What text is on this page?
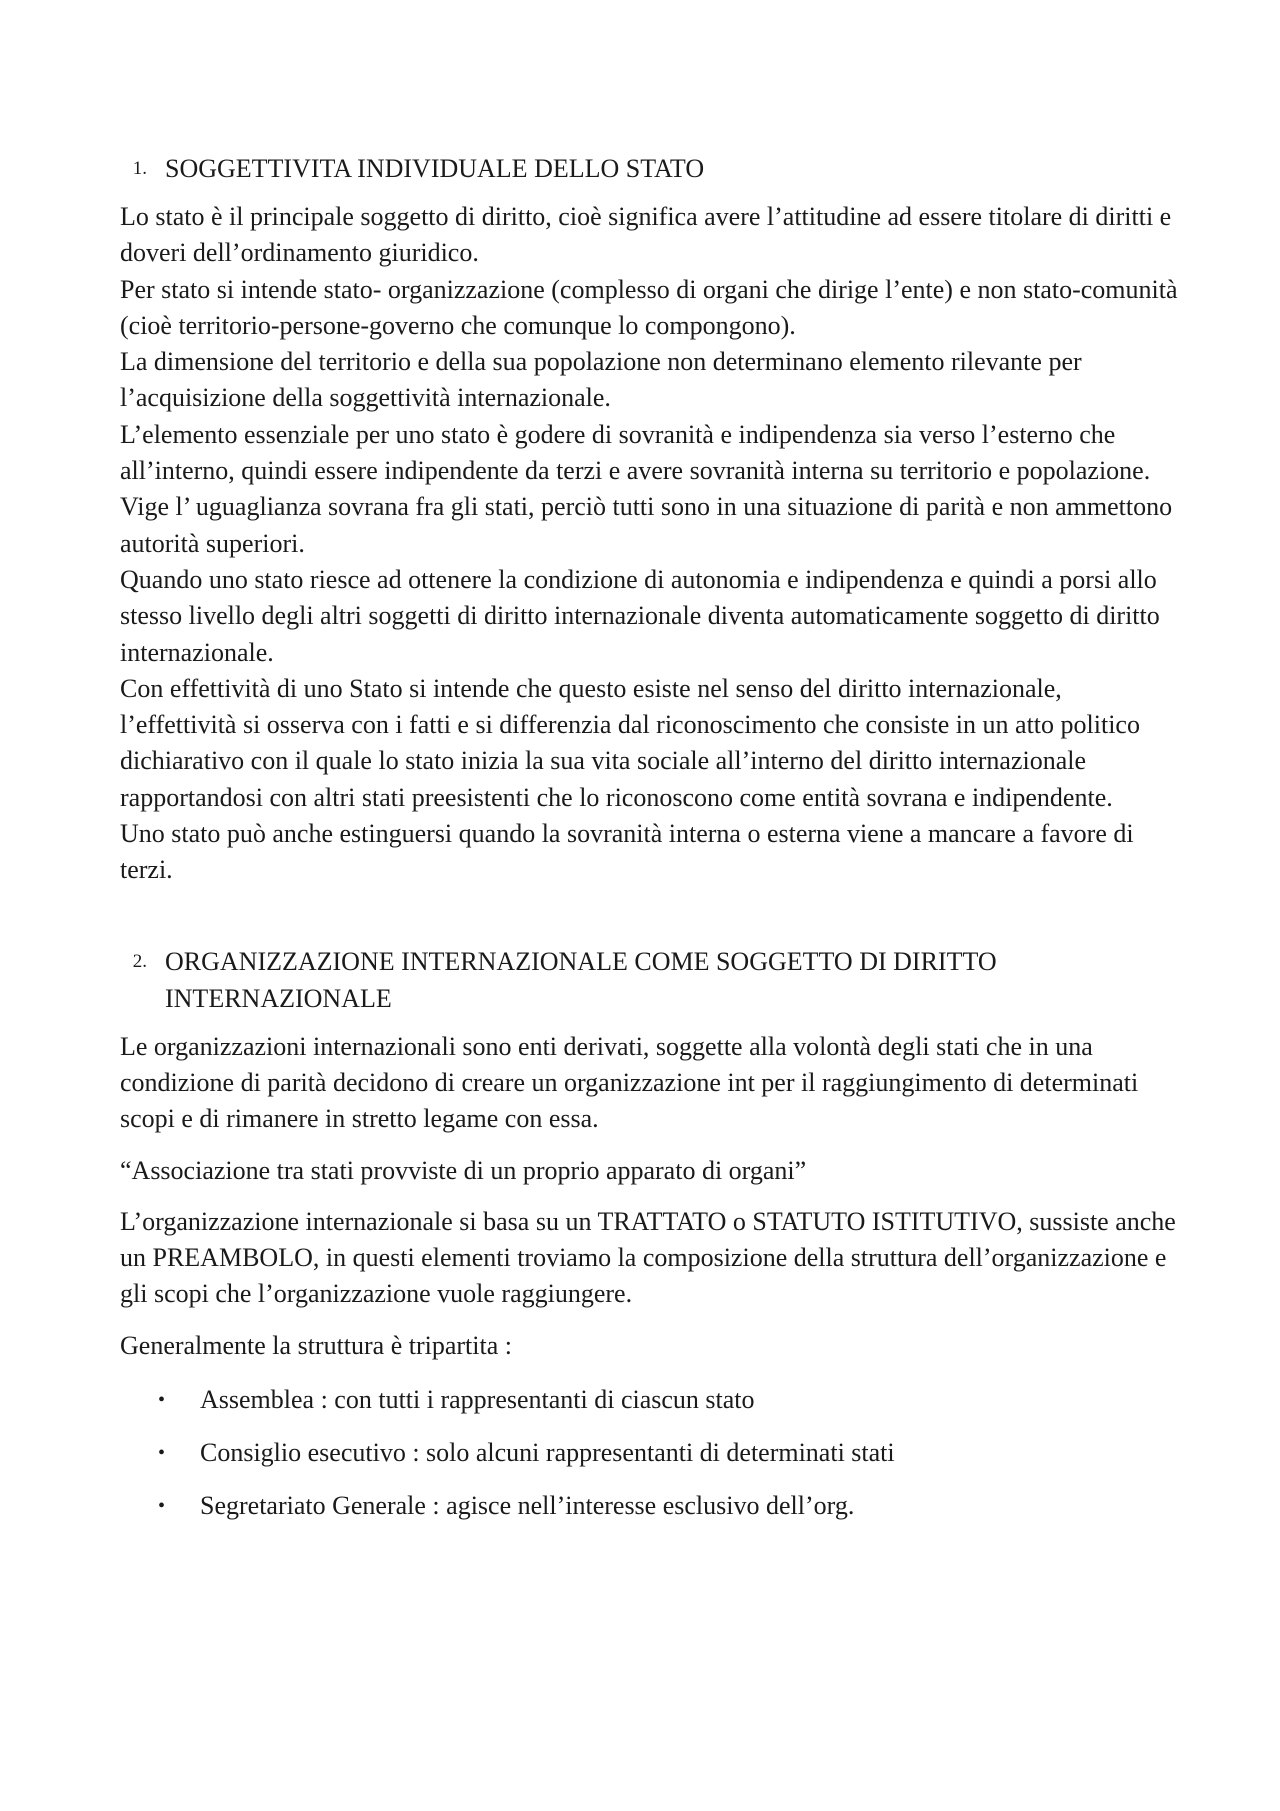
1. SOGGETTIVITA INDIVIDUALE DELLO STATO

Lo stato è il principale soggetto di diritto, cioè significa avere l’attitudine ad essere titolare di diritti e doveri dell’ordinamento giuridico.

Per stato si intende stato- organizzazione (complesso di organi che dirige l’ente) e non stato-comunità (cioè territorio-persone-governo che comunque lo compongono).

La dimensione del territorio e della sua popolazione non determinano elemento rilevante per l’acquisizione della soggettività internazionale.

L’elemento essenziale per uno stato è godere di sovranità e indipendenza sia verso l’esterno che all’interno, quindi essere indipendente da terzi e avere sovranità interna su territorio e popolazione.

Vige l’ uguaglianza sovrana fra gli stati, perciò tutti sono in una situazione di parità e non ammettono autorità superiori.

Quando uno stato riesce ad ottenere la condizione di autonomia e indipendenza e quindi a porsi allo stesso livello degli altri soggetti di diritto internazionale diventa automaticamente soggetto di diritto internazionale.

Con effettività di uno Stato si intende che questo esiste nel senso del diritto internazionale, l’effettività si osserva con i fatti e si differenzia dal riconoscimento che consiste in un atto politico dichiarativo con il quale lo stato inizia la sua vita sociale all’interno del diritto internazionale rapportandosi con altri stati preesistenti che lo riconoscono come entità sovrana e indipendente.

Uno stato può anche estinguersi quando la sovranità interna o esterna viene a mancare a favore di terzi.

2. ORGANIZZAZIONE INTERNAZIONALE COME SOGGETTO DI DIRITTO INTERNAZIONALE

Le organizzazioni internazionali sono enti derivati, soggette alla volontà degli stati che in una condizione di parità decidono di creare un organizzazione int per il raggiungimento di determinati scopi e di rimanere in stretto legame con essa.

“Associazione tra stati provviste di un proprio apparato di organi”

L’organizzazione internazionale si basa su un TRATTATO o STATUTO ISTITUTIVO, sussiste anche un PREAMBOLO, in questi elementi troviamo la composizione della struttura dell’organizzazione e gli scopi che l’organizzazione vuole raggiungere.

Generalmente la struttura è tripartita :

•	Assemblea : con tutti i rappresentanti di ciascun stato
•	Consiglio esecutivo : solo alcuni rappresentanti di determinati stati
•	Segretariato Generale : agisce nell’interesse esclusivo dell’org.
